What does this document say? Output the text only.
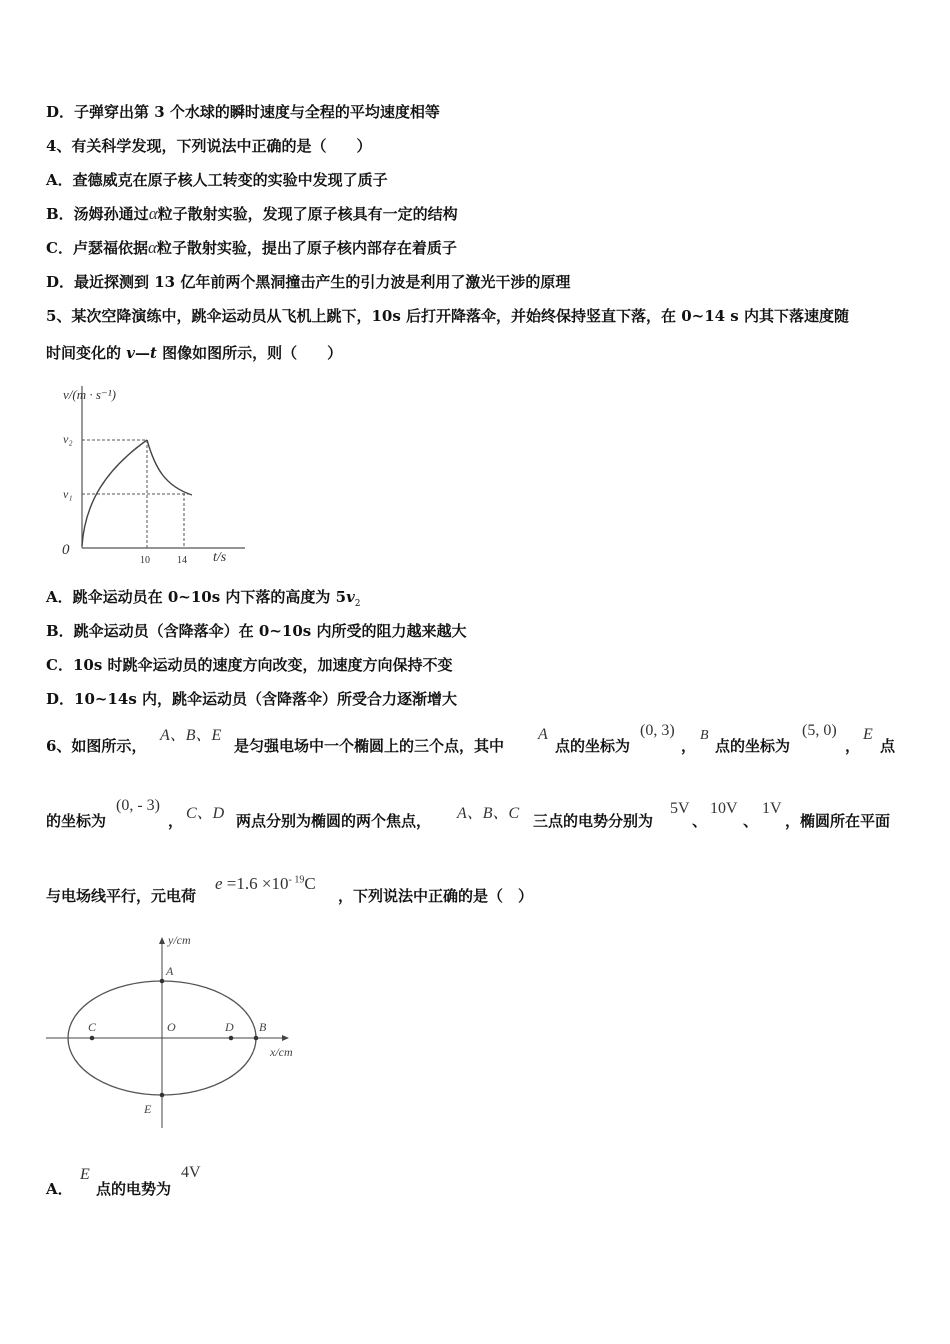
D．子弹穿出第 3 个水球的瞬时速度与全程的平均速度相等
4、有关科学发现，下列说法中正确的是（　　）
A．查德威克在原子核人工转变的实验中发现了质子
B．汤姆孙通过α粒子散射实验，发现了原子核具有一定的结构
C．卢瑟福依据α粒子散射实验，提出了原子核内部存在着质子
D．最近探测到 13 亿年前两个黑洞撞击产生的引力波是利用了激光干涉的原理
5、某次空降演练中，跳伞运动员从飞机上跳下，10s 后打开降落伞，并始终保持竖直下落，在 0~14 s 内其下落速度随
时间变化的 v—t 图像如图所示，则（　　）
v/(m · s⁻¹)
v₂
v₁
0
10	14 t/s
A．跳伞运动员在 0~10s 内下落的高度为 $5v_2$
B．跳伞运动员（含降落伞）在 0~10s 内所受的阻力越来越大
C．10s 时跳伞运动员的速度方向改变，加速度方向保持不变
D．10~14s 内，跳伞运动员（含降落伞）所受合力逐渐增大
6、如图所示，
A、B、E
是匀强电场中一个椭圆上的三个点，其中
A
点的坐标为
(0, 3)
，
B
点的坐标为
(5, 0)
，
E
点
的坐标为
(0, - 3)
， C、D 两点分别为椭圆的两个焦点， A、B、C 三点的电势分别为
5V
、
10V
、
1V
，椭圆所在平面
与电场线平行，元电荷
$e =1.6 \times 10^{- 19}C$
，下列说法中正确的是（　）
y/cm
x/cm
A
C	O	D B
E
A．
E
点的电势为
4V
